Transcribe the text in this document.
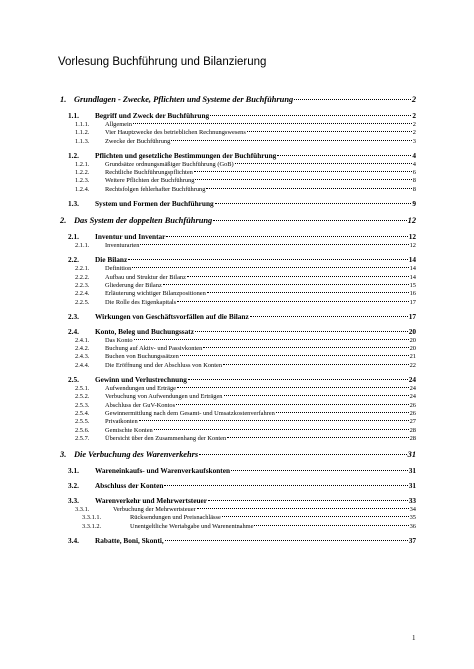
Vorlesung Buchführung und Bilanzierung
1. Grundlagen - Zwecke, Pflichten und Systeme der Buchführung	2
1.1. Begriff und Zweck der Buchführung	2
1.1.1. Allgemein	2
1.1.2. Vier Hauptzwecke des betrieblichen Rechnungswesens	2
1.1.3. Zwecke der Buchführung	3
1.2. Pflichten und gesetzliche Bestimmungen der Buchführung	4
1.2.1. Grundsätze ordnungsmäßiger Buchführung (GoB)	4
1.2.2. Rechtliche Buchführungspflichten	6
1.2.3. Weitere Pflichten der Buchführung	8
1.2.4. Rechtsfolgen fehlerhafter Buchführung	8
1.3. System und Formen der Buchführung	9
2. Das System der doppelten Buchführung	12
2.1. Inventur und Inventar	12
2.1.1. Inventurarten	12
2.2. Die Bilanz	14
2.2.1. Definition	14
2.2.2. Aufbau und Struktur der Bilanz	14
2.2.3. Gliederung der Bilanz	15
2.2.4. Erläuterung wichtiger Bilanzpositionen	16
2.2.5. Die Rolle des Eigenkapitals	17
2.3. Wirkungen von Geschäftsvorfällen auf die Bilanz	17
2.4. Konto, Beleg und Buchungssatz	20
2.4.1. Das Konto	20
2.4.2. Buchung auf Aktiv- und Passivkonten	20
2.4.3. Buchen von Buchungssätzen	21
2.4.4. Die Eröffnung und der Abschluss von Konten	22
2.5. Gewinn und Verlustrechnung	24
2.5.1. Aufwendungen und Erträge	24
2.5.2. Verbuchung von Aufwendungen und Erträgen	24
2.5.3. Abschluss der GuV-Kontos	26
2.5.4. Gewinnermittlung nach dem Gesamt- und Umsatzkostenverfahren	26
2.5.5. Privatkonten	27
2.5.6. Gemischte Konten	28
2.5.7. Übersicht über den Zusammenhang der Konten	28
3. Die Verbuchung des Warenverkehrs	31
3.1. Wareneinkaufs- und Warenverkaufskonten	31
3.2. Abschluss der Konten	31
3.3. Warenverkehr und Mehrwertsteuer	33
3.3.1.	Verbuchung der Mehrwertsteuer	34
3.3.1.1.	Rücksendungen und Preisnachlässe	35
3.3.1.2.	Unentgeltliche Wertabgabe und Warenentnahme	36
3.4. Rabatte, Boni, Skonti,	37
1
